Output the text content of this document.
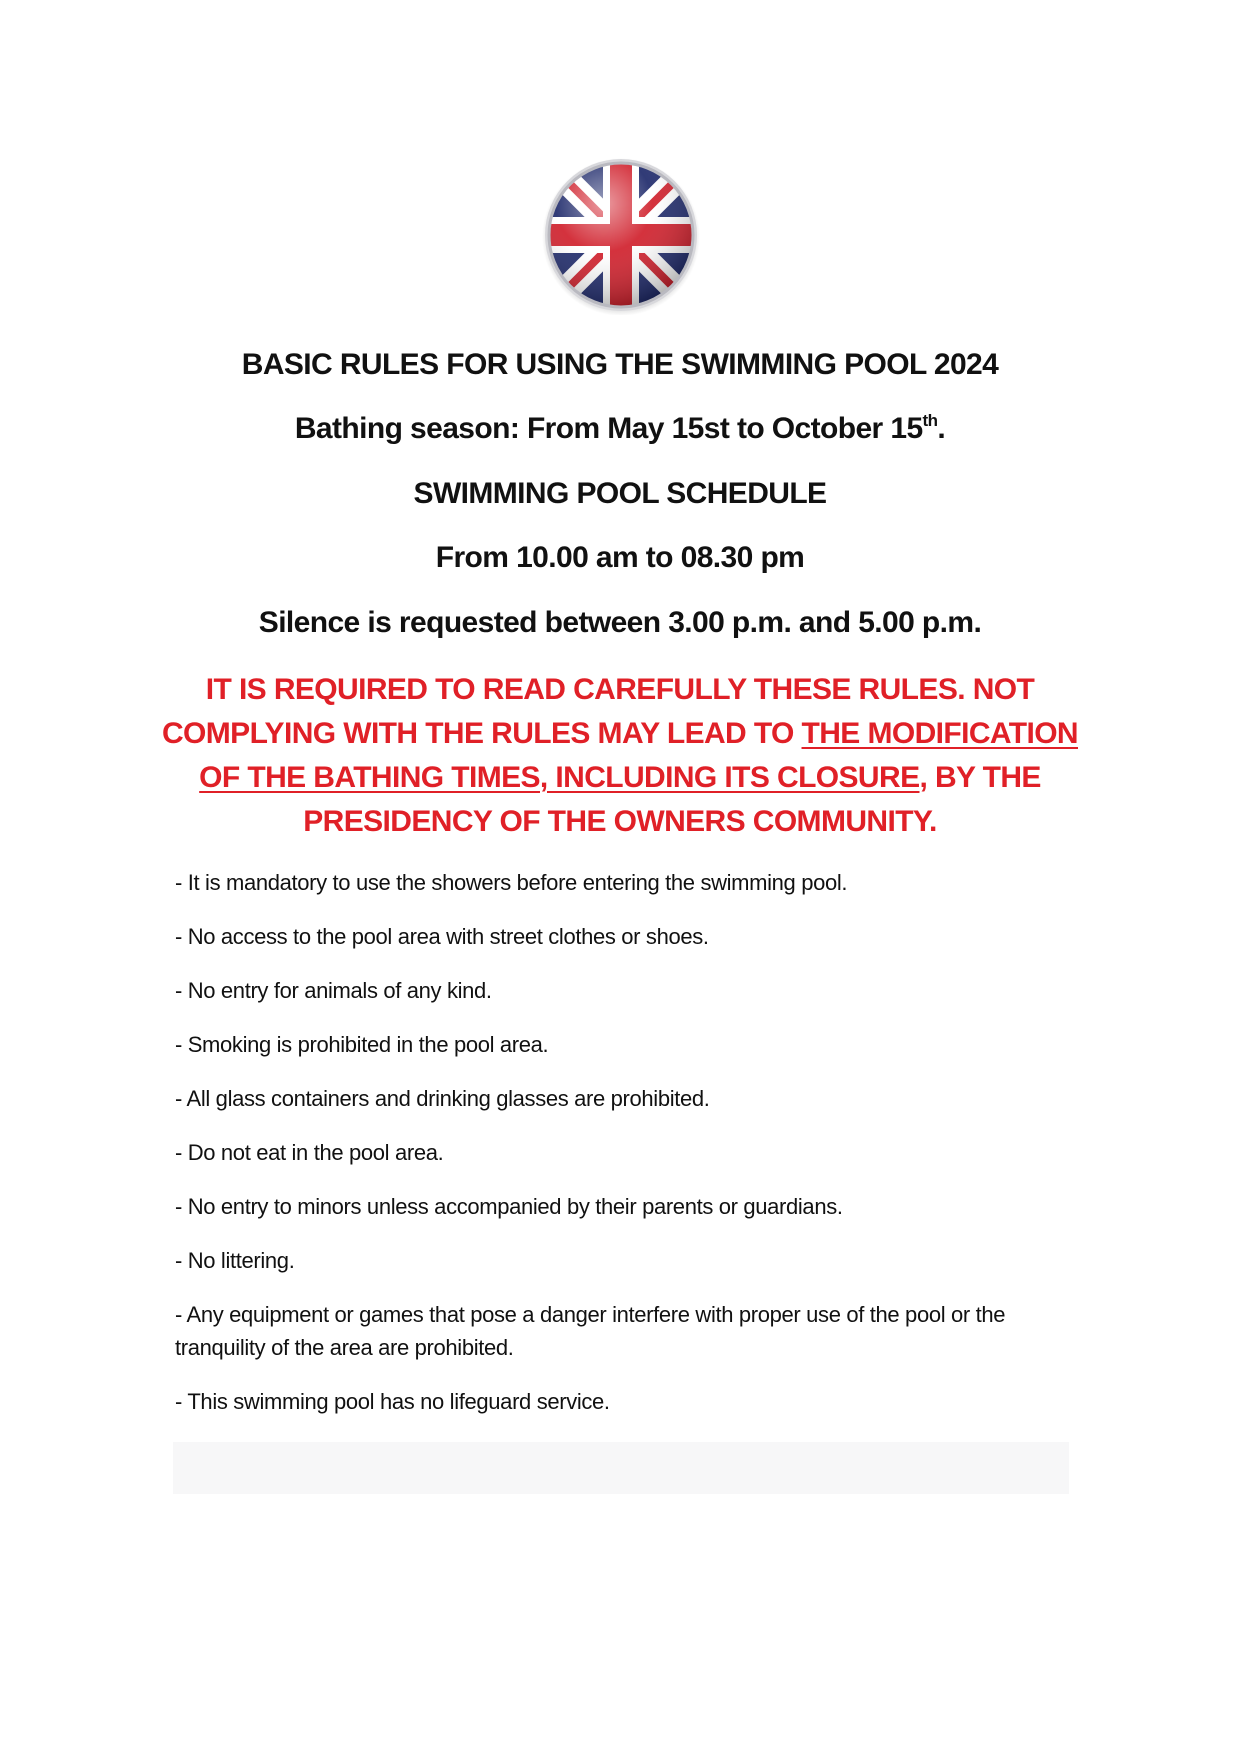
BASIC RULES FOR USING THE SWIMMING POOL 2024
Bathing season: From May 15st to October 15th.
SWIMMING POOL SCHEDULE
From 10.00 am to 08.30 pm
Silence is requested between 3.00 p.m. and 5.00 p.m.
IT IS REQUIRED TO READ CAREFULLY THESE RULES. NOT COMPLYING WITH THE RULES MAY LEAD TO THE MODIFICATION OF THE BATHING TIMES, INCLUDING ITS CLOSURE, BY THE PRESIDENCY OF THE OWNERS COMMUNITY.
- It is mandatory to use the showers before entering the swimming pool.
- No access to the pool area with street clothes or shoes.
- No entry for animals of any kind.
- Smoking is prohibited in the pool area.
- All glass containers and drinking glasses are prohibited.
- Do not eat in the pool area.
- No entry to minors unless accompanied by their parents or guardians.
- No littering.
- Any equipment or games that pose a danger interfere with proper use of the pool or the tranquility of the area are prohibited.
- This swimming pool has no lifeguard service.
